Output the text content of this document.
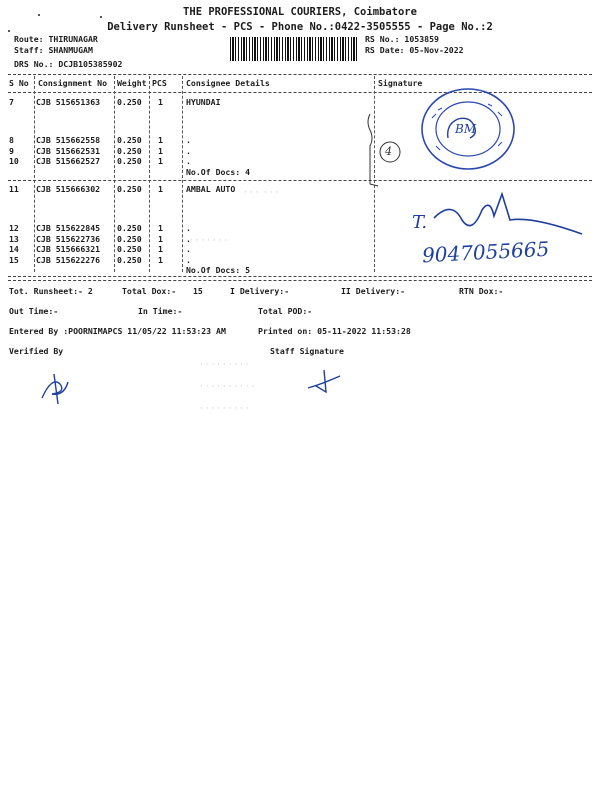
THE PROFESSIONAL COURIERS, Coimbatore
Delivery Runsheet - PCS - Phone No.:0422-3505555 - Page No.:2
Route: THIRUNAGAR
Staff: SHANMUGAM
DRS No.: DCJB105385902
RS No.: 1053859
RS Date: 05-Nov-2022
S No Consignment No Weight PCS Consignee Details	Signature
7	CJB 515651363 0.250 1	HYUNDAI
8	CJB 515662558 0.250 1	.
9	CJB 515662531 0.250 1	.
10 CJB 515662527 0.250 1	.
No.Of Docs: 4
11 CJB 515666302 0.250 1	AMBAL AUTO
12 CJB 515622845 0.250 1	.
13 CJB 515622736 0.250 1	.
14 CJB 515666321 0.250 1	.
15 CJB 515622276 0.250 1	.
No.Of Docs: 5
Tot. Runsheet:- 2	Total Dox:- 15	I Delivery:-	II Delivery:-	RTN Dox:-
Out Time:-	In Time:-	Total POD:-
Entered By :POORNIMAPCS 11/05/22 11:53:23 AM	Printed on: 05-11-2022 11:53:28
Verified By	Staff Signature
· · ·  · · ·
· · · · · · ·
· · · · · · · · ·
· · · · · · · · · ·
· · · · · · · · ·
BM
4
T.
9047055665
